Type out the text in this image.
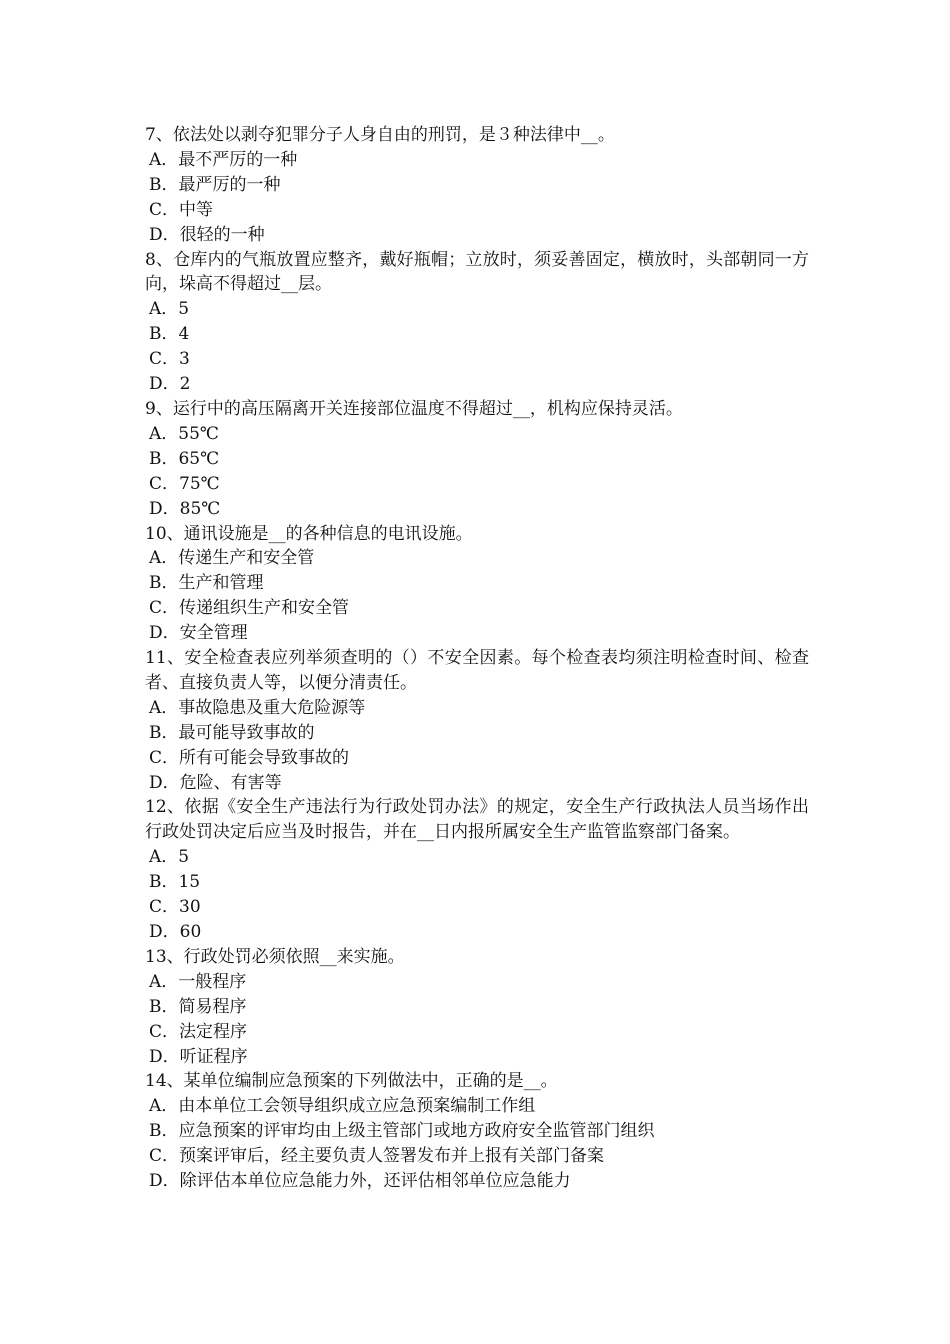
7、依法处以剥夺犯罪分子人身自由的刑罚，是３种法律中__。

A．最不严厉的一种

B．最严厉的一种

C．中等

D．很轻的一种

8、仓库内的气瓶放置应整齐，戴好瓶帽；立放时，须妥善固定，横放时，头部朝同一方向，垛高不得超过__层。

A．5

B．4

C．3

D．2

9、运行中的高压隔离开关连接部位温度不得超过__，机构应保持灵活。

A．55℃

B．65℃

C．75℃

D．85℃

10、通讯设施是__的各种信息的电讯设施。

A．传递生产和安全管

B．生产和管理

C．传递组织生产和安全管

D．安全管理

11、安全检查表应列举须查明的（）不安全因素。每个检查表均须注明检查时间、检查者、直接负责人等，以便分清责任。

A．事故隐患及重大危险源等

B．最可能导致事故的

C．所有可能会导致事故的

D．危险、有害等

12、依据《安全生产违法行为行政处罚办法》的规定，安全生产行政执法人员当场作出行政处罚决定后应当及时报告，并在__日内报所属安全生产监管监察部门备案。

A．5

B．15

C．30

D．60

13、行政处罚必须依照__来实施。

A．一般程序

B．简易程序

C．法定程序

D．听证程序

14、某单位编制应急预案的下列做法中，正确的是__。

A．由本单位工会领导组织成立应急预案编制工作组

B．应急预案的评审均由上级主管部门或地方政府安全监管部门组织

C．预案评审后，经主要负责人签署发布并上报有关部门备案

D．除评估本单位应急能力外，还评估相邻单位应急能力
